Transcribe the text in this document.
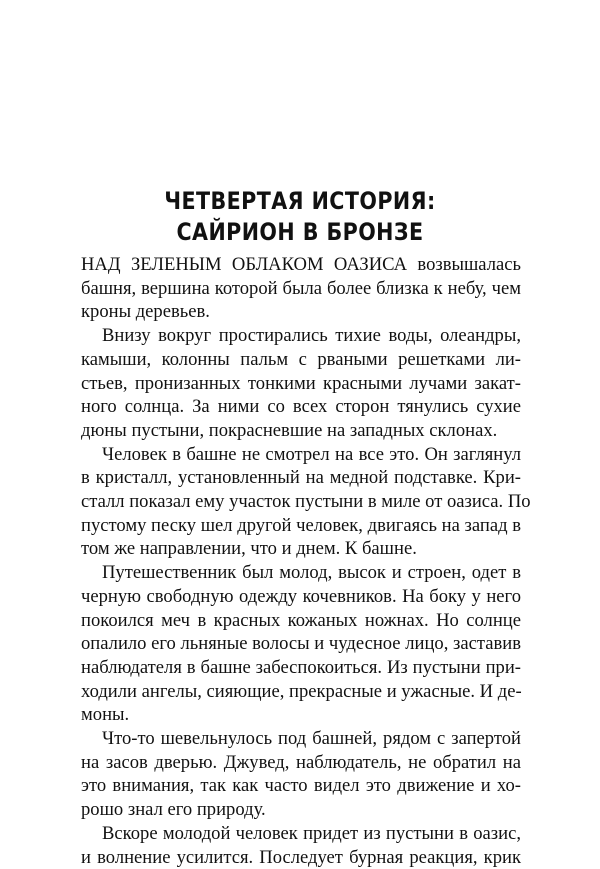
ЧЕТВЕРТАЯ ИСТОРИЯ:
САЙРИОН В БРОНЗЕ
НАД ЗЕЛЕНЫМ ОБЛАКОМ ОАЗИСА возвышалась
башня, вершина которой была более близка к небу, чем
кроны деревьев.
Внизу вокруг простирались тихие воды, олеандры,
камыши, колонны пальм с рваными решетками ли-
стьев, пронизанных тонкими красными лучами закат-
ного солнца. За ними со всех сторон тянулись сухие
дюны пустыни, покрасневшие на западных склонах.
Человек в башне не смотрел на все это. Он заглянул
в кристалл, установленный на медной подставке. Кри-
сталл показал ему участок пустыни в миле от оазиса. По
пустому песку шел другой человек, двигаясь на запад в
том же направлении, что и днем. К башне.
Путешественник был молод, высок и строен, одет в
черную свободную одежду кочевников. На боку у него
покоился меч в красных кожаных ножнах. Но солнце
опалило его льняные волосы и чудесное лицо, заставив
наблюдателя в башне забеспокоиться. Из пустыни при-
ходили ангелы, сияющие, прекрасные и ужасные. И де-
моны.
Что-то шевельнулось под башней, рядом с запертой
на засов дверью. Джувед, наблюдатель, не обратил на
это внимания, так как часто видел это движение и хо-
рошо знал его природу.
Вскоре молодой человек придет из пустыни в оазис,
и волнение усилится. Последует бурная реакция, крик
